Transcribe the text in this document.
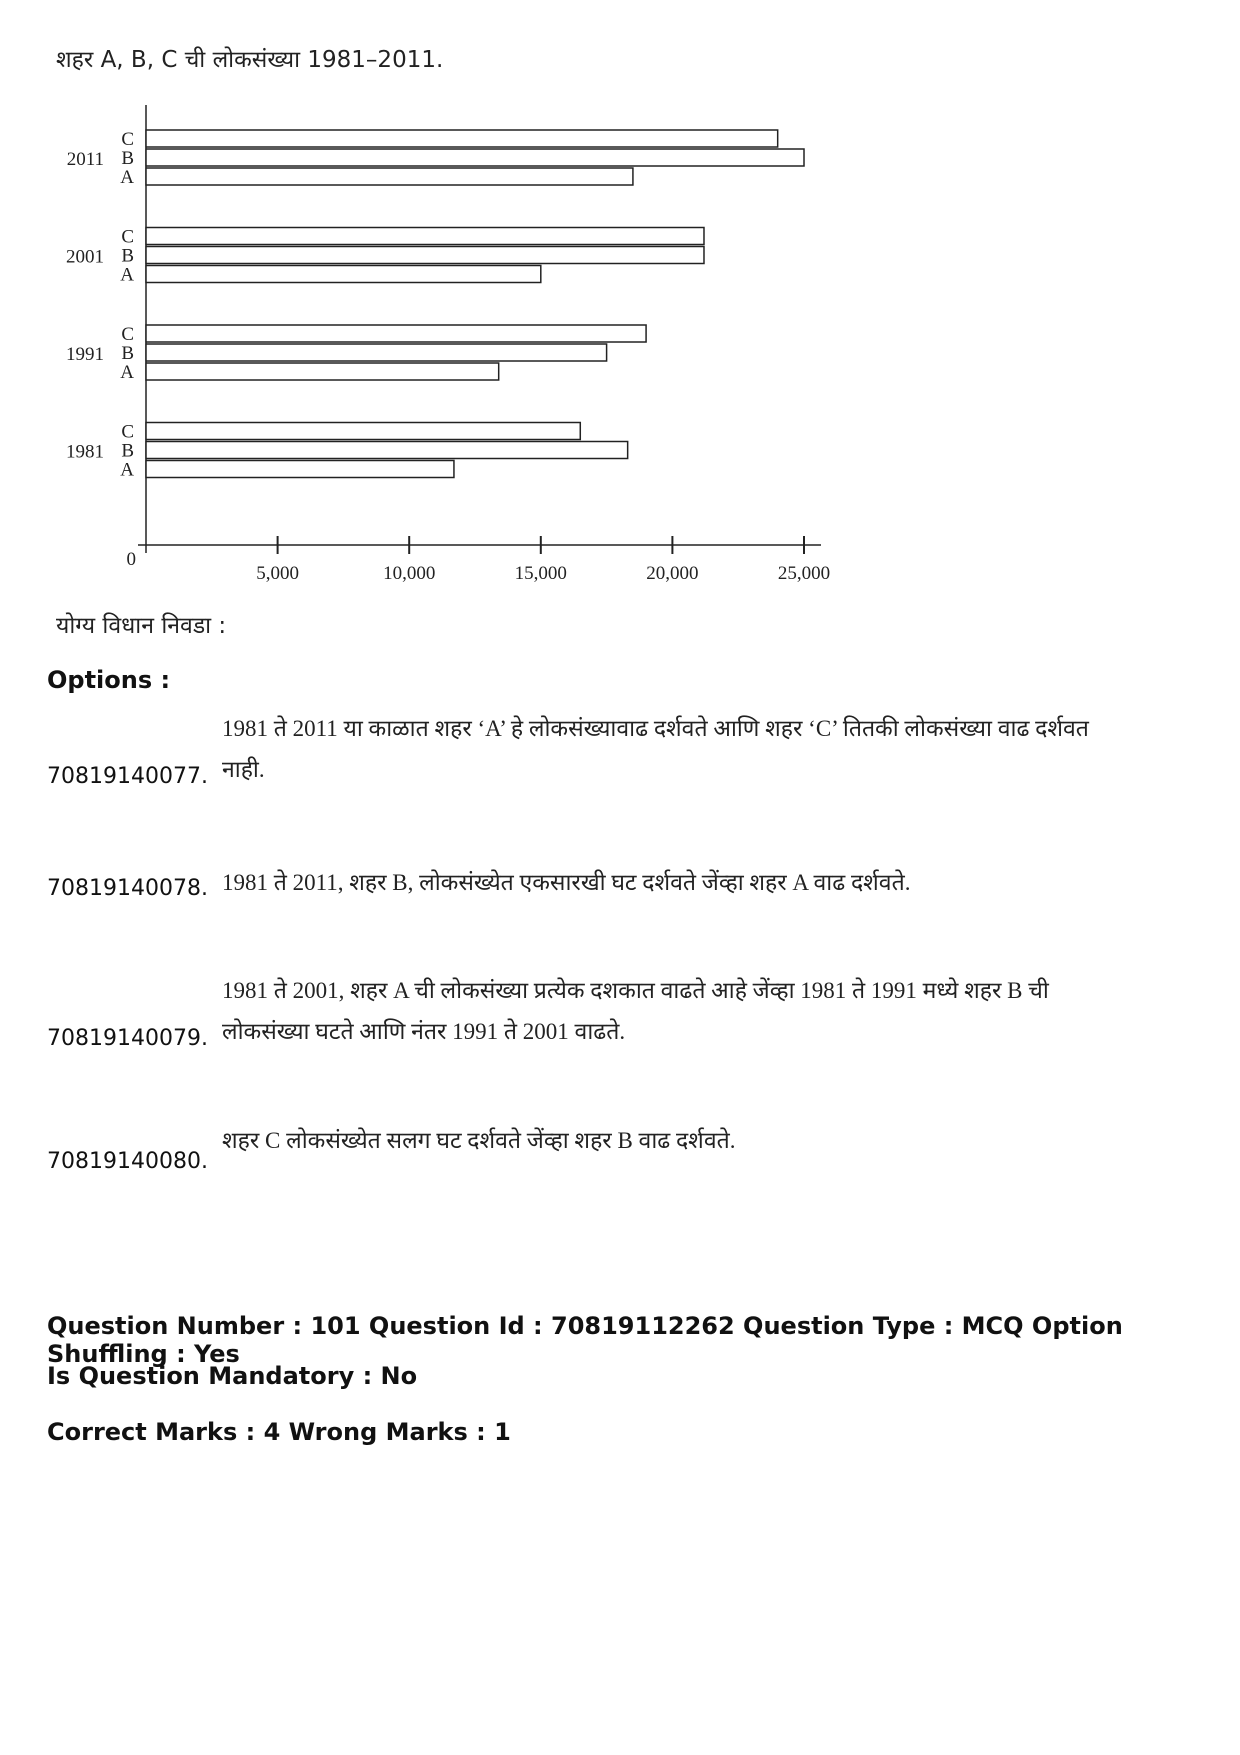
शहर A, B, C ची लोकसंख्या 1981–2011.
0
5,000	10,000	15,000	20,000	25,000
C
B
A
2011
C
B
A
2001
C
B
A
1991
C
B
A
1981
योग्य विधान निवडा :
Options :
1981 ते 2011 या काळात शहर ‘A’ हे लोकसंख्यावाढ दर्शवते आणि शहर ‘C’ तितकी लोकसंख्या वाढ दर्शवत नाही.
70819140077.
1981 ते 2011, शहर B, लोकसंख्येत एकसारखी घट दर्शवते जेंव्हा शहर A वाढ दर्शवते.
70819140078.
1981 ते 2001, शहर A ची लोकसंख्या प्रत्येक दशकात वाढते आहे जेंव्हा 1981 ते 1991 मध्ये शहर B ची लोकसंख्या घटते आणि नंतर 1991 ते 2001 वाढते.
70819140079.
शहर C लोकसंख्येत सलग घट दर्शवते जेंव्हा शहर B वाढ दर्शवते.
70819140080.
Question Number : 101 Question Id : 70819112262 Question Type : MCQ Option Shuffling : Yes
Is Question Mandatory : No
Correct Marks : 4 Wrong Marks : 1
